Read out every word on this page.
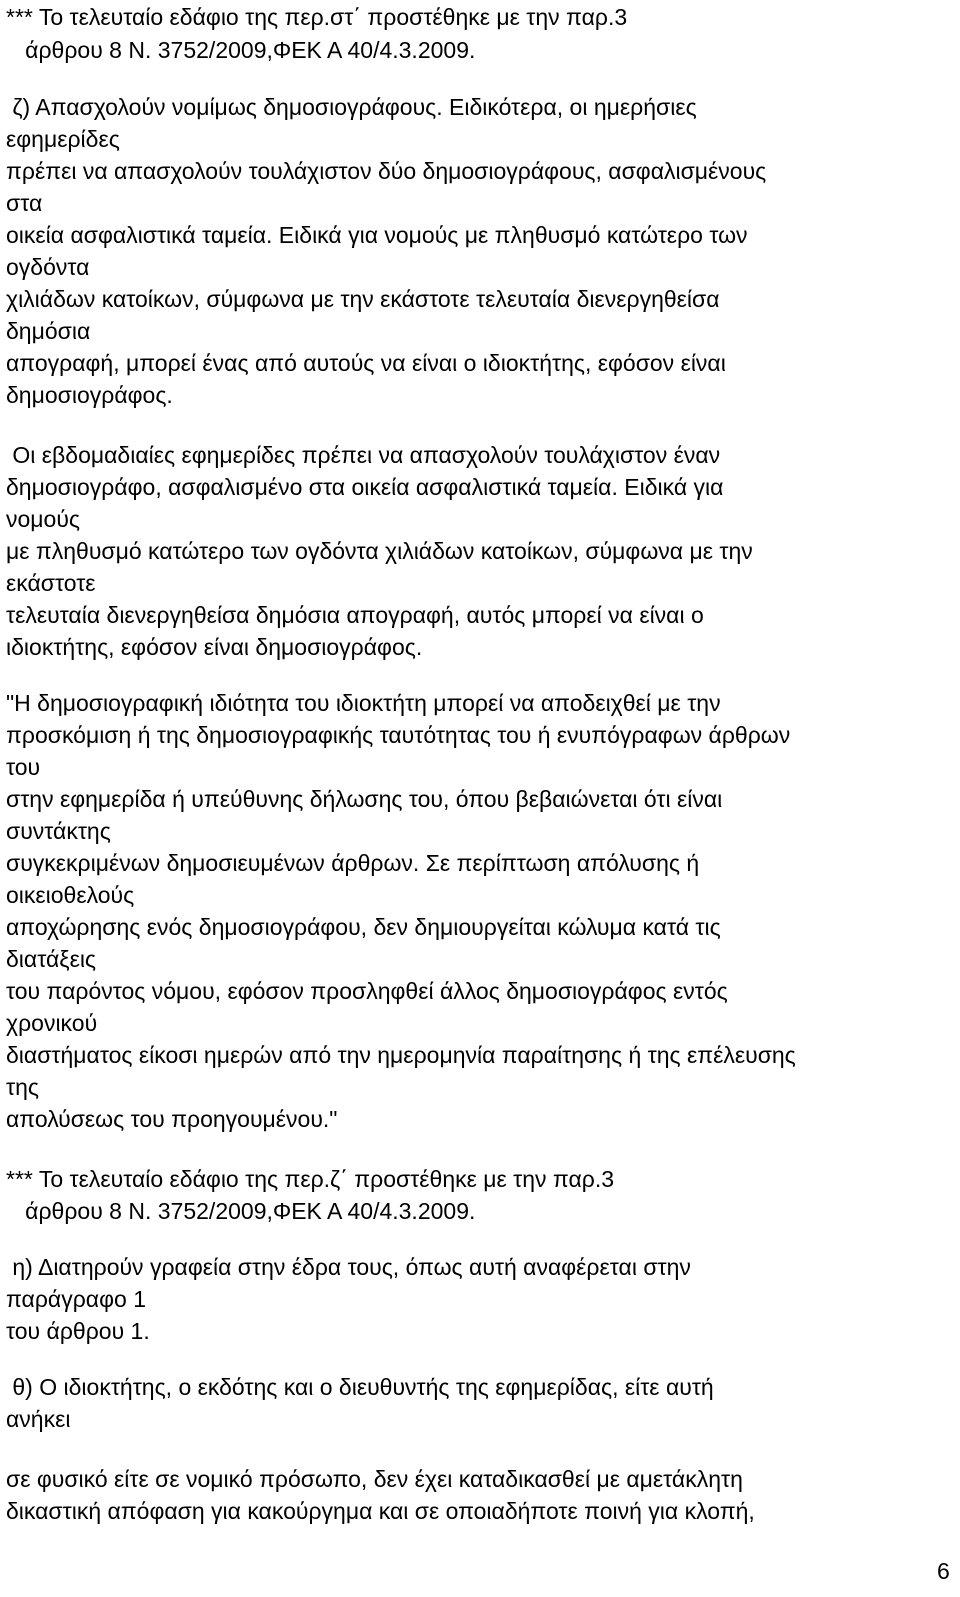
*** Το τελευταίο εδάφιο της περ.στ΄ προστέθηκε με την παρ.3
άρθρου 8 Ν. 3752/2009,ΦΕΚ Α 40/4.3.2009.
ζ) Απασχολούν νομίμως δημοσιογράφους. Ειδικότερα, οι ημερήσιες
εφημερίδες
πρέπει να απασχολούν τουλάχιστον δύο δημοσιογράφους, ασφαλισμένους
στα
οικεία ασφαλιστικά ταμεία. Ειδικά για νομούς με πληθυσμό κατώτερο των
ογδόντα
χιλιάδων κατοίκων, σύμφωνα με την εκάστοτε τελευταία διενεργηθείσα
δημόσια
απογραφή, μπορεί ένας από αυτούς να είναι ο ιδιοκτήτης, εφόσον είναι
δημοσιογράφος.
Οι εβδομαδιαίες εφημερίδες πρέπει να απασχολούν τουλάχιστον έναν
δημοσιογράφο, ασφαλισμένο στα οικεία ασφαλιστικά ταμεία. Ειδικά για
νομούς
με πληθυσμό κατώτερο των ογδόντα χιλιάδων κατοίκων, σύμφωνα με την
εκάστοτε
τελευταία διενεργηθείσα δημόσια απογραφή, αυτός μπορεί να είναι ο
ιδιοκτήτης, εφόσον είναι δημοσιογράφος.
"Η δημοσιογραφική ιδιότητα του ιδιοκτήτη μπορεί να αποδειχθεί με την
προσκόμιση ή της δημοσιογραφικής ταυτότητας του ή ενυπόγραφων άρθρων
του
στην εφημερίδα ή υπεύθυνης δήλωσης του, όπου βεβαιώνεται ότι είναι
συντάκτης
συγκεκριμένων δημοσιευμένων άρθρων. Σε περίπτωση απόλυσης ή
οικειοθελούς
αποχώρησης ενός δημοσιογράφου, δεν δημιουργείται κώλυμα κατά τις
διατάξεις
του παρόντος νόμου, εφόσον προσληφθεί άλλος δημοσιογράφος εντός
χρονικού
διαστήματος είκοσι ημερών από την ημερομηνία παραίτησης ή της επέλευσης
της
απολύσεως του προηγουμένου."
*** Το τελευταίο εδάφιο της περ.ζ΄ προστέθηκε με την παρ.3
άρθρου 8 Ν. 3752/2009,ΦΕΚ Α 40/4.3.2009.
η) Διατηρούν γραφεία στην έδρα τους, όπως αυτή αναφέρεται στην
παράγραφο 1
του άρθρου 1.
θ) Ο ιδιοκτήτης, ο εκδότης και ο διευθυντής της εφημερίδας, είτε αυτή
ανήκει
σε φυσικό είτε σε νομικό πρόσωπο, δεν έχει καταδικασθεί με αμετάκλητη
δικαστική απόφαση για κακούργημα και σε οποιαδήποτε ποινή για κλοπή,
6
